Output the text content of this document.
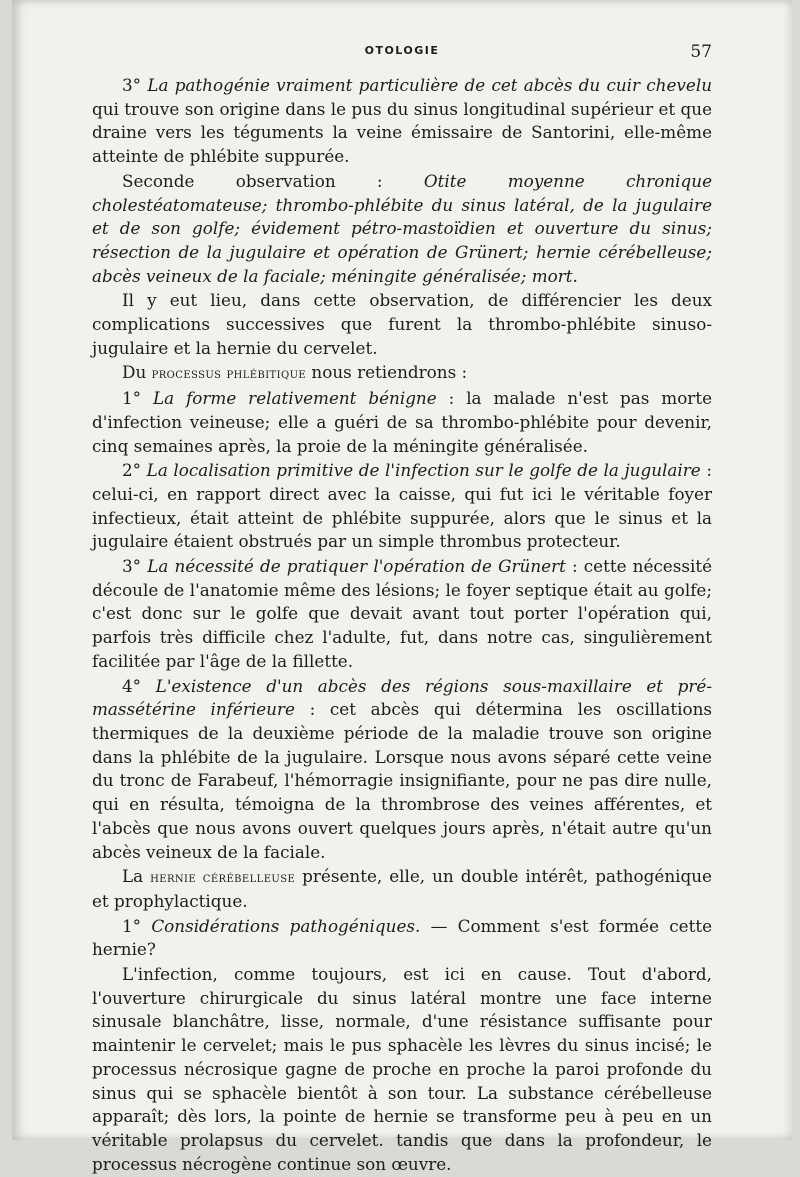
OTOLOGIE	57

3° La pathogénie vraiment particulière de cet abcès du cuir chevelu qui trouve son origine dans le pus du sinus longitudinal supérieur et que draine vers les téguments la veine émissaire de Santorini, elle-même atteinte de phlébite suppurée.

Seconde observation : Otite moyenne chronique cholestéatomateuse; thrombo-phlébite du sinus latéral, de la jugulaire et de son golfe; évidement pétro-mastoïdien et ouverture du sinus; résection de la jugulaire et opération de Grünert; hernie cérébelleuse; abcès veineux de la faciale; méningite généralisée; mort.

Il y eut lieu, dans cette observation, de différencier les deux complications successives que furent la thrombo-phlébite sinuso-jugulaire et la hernie du cervelet.

Du processus phlébitique nous retiendrons :

1° La forme relativement bénigne : la malade n'est pas morte d'infection veineuse; elle a guéri de sa thrombo-phlébite pour devenir, cinq semaines après, la proie de la méningite généralisée.

2° La localisation primitive de l'infection sur le golfe de la jugulaire : celui-ci, en rapport direct avec la caisse, qui fut ici le véritable foyer infectieux, était atteint de phlébite suppurée, alors que le sinus et la jugulaire étaient obstrués par un simple thrombus protecteur.

3° La nécessité de pratiquer l'opération de Grünert : cette nécessité découle de l'anatomie même des lésions; le foyer septique était au golfe; c'est donc sur le golfe que devait avant tout porter l'opération qui, parfois très difficile chez l'adulte, fut, dans notre cas, singulièrement facilitée par l'âge de la fillette.

4° L'existence d'un abcès des régions sous-maxillaire et pré-massétérine inférieure : cet abcès qui détermina les oscillations thermiques de la deuxième période de la maladie trouve son origine dans la phlébite de la jugulaire. Lorsque nous avons séparé cette veine du tronc de Farabeuf, l'hémorragie insignifiante, pour ne pas dire nulle, qui en résulta, témoigna de la thrombrose des veines afférentes, et l'abcès que nous avons ouvert quelques jours après, n'était autre qu'un abcès veineux de la faciale.

La hernie cérébelleuse présente, elle, un double intérêt, pathogénique et prophylactique.

1° Considérations pathogéniques. — Comment s'est formée cette hernie?

L'infection, comme toujours, est ici en cause. Tout d'abord, l'ouverture chirurgicale du sinus latéral montre une face interne sinusale blanchâtre, lisse, normale, d'une résistance suffisante pour maintenir le cervelet; mais le pus sphacèle les lèvres du sinus incisé; le processus nécrosique gagne de proche en proche la paroi profonde du sinus qui se sphacèle bientôt à son tour. La substance cérébelleuse apparaît; dès lors, la pointe de hernie se transforme peu à peu en un véritable prolapsus du cervelet. tandis que dans la profondeur, le processus nécrogène continue son œuvre.
